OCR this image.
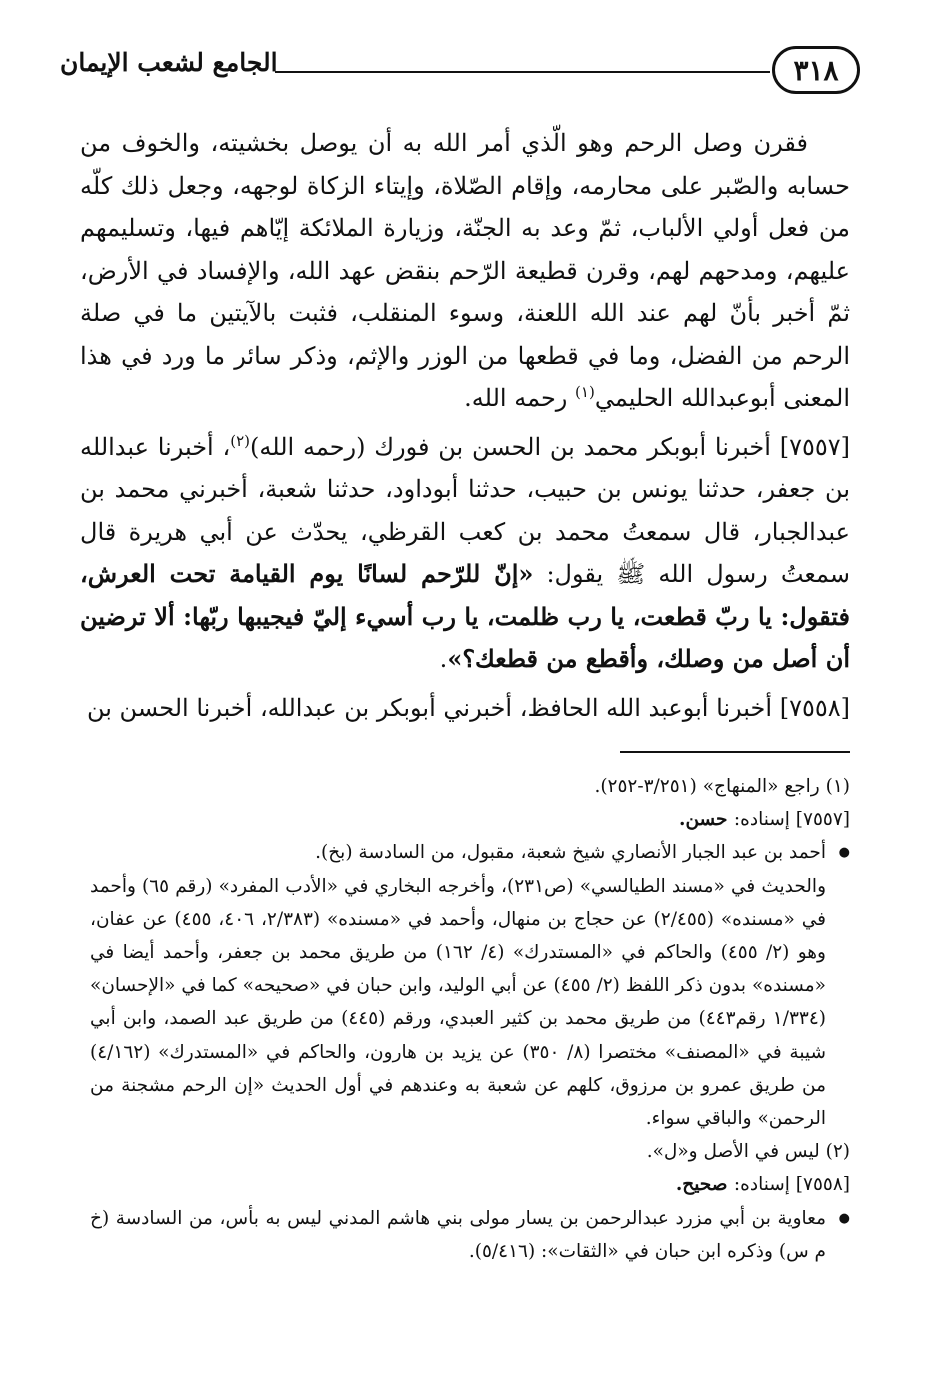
٣١٨
الجامع لشعب الإيمان

فقرن وصل الرحم وهو الّذي أمر الله به أن يوصل بخشيته، والخوف من حسابه والصّبر على محارمه، وإقام الصّلاة، وإيتاء الزكاة لوجهه، وجعل ذلك كلّه من فعل أولي الألباب، ثمّ وعد به الجنّة، وزيارة الملائكة إيّاهم فيها، وتسليمهم عليهم، ومدحهم لهم، وقرن قطيعة الرّحم بنقض عهد الله، والإفساد في الأرض، ثمّ أخبر بأنّ لهم عند الله اللعنة، وسوء المنقلب، فثبت بالآيتين ما في صلة الرحم من الفضل، وما في قطعها من الوزر والإثم، وذكر سائر ما ورد في هذا المعنى أبوعبدالله الحليمي$^{(١)}$ رحمه الله.

[٧٥٥٧] أخبرنا أبوبكر محمد بن الحسن بن فورك (رحمه الله)$^{(٢)}$، أخبرنا عبدالله بن جعفر، حدثنا يونس بن حبيب، حدثنا أبوداود، حدثنا شعبة، أخبرني محمد بن عبدالجبار، قال سمعتُ محمد بن كعب القرظي، يحدّث عن أبي هريرة قال سمعتُ رسول الله ﷺ يقول: «إنّ للرّحم لسانًا يوم القيامة تحت العرش، فتقول: يا ربّ قطعت، يا رب ظلمت، يا رب أسيء إليّ فيجيبها ربّها: ألا ترضين أن أصل من وصلك، وأقطع من قطعك؟».

[٧٥٥٨] أخبرنا أبوعبد الله الحافظ، أخبرني أبوبكر بن عبدالله، أخبرنا الحسن بن

(١) راجع «المنهاج» (٣/٢٥١-٢٥٢).

[٧٥٥٧] إسناده: حسن.

● أحمد بن عبد الجبار الأنصاري شيخ شعبة، مقبول، من السادسة (بخ).

والحديث في «مسند الطيالسي» (ص٢٣١)، وأخرجه البخاري في «الأدب المفرد» (رقم ٦٥) وأحمد في «مسنده» (٢/٤٥٥) عن حجاج بن منهال، وأحمد في «مسنده» (٢/٣٨٣، ٤٠٦، ٤٥٥) عن عفان، وهو (٢/ ٤٥٥) والحاكم في «المستدرك» (٤/ ١٦٢) من طريق محمد بن جعفر، وأحمد أيضا في «مسنده» بدون ذكر اللفظ (٢/ ٤٥٥) عن أبي الوليد، وابن حبان في «صحيحه» كما في «الإحسان» (١/٣٣٤ رقم٤٤٣) من طريق محمد بن كثير العبدي، ورقم (٤٤٥) من طريق عبد الصمد، وابن أبي شيبة في «المصنف» مختصرا (٨/ ٣٥٠) عن يزيد بن هارون، والحاكم في «المستدرك» (٤/١٦٢) من طريق عمرو بن مرزوق، كلهم عن شعبة به وعندهم في أول الحديث «إن الرحم مشجنة من الرحمن» والباقي سواء.

(٢) ليس في الأصل و«ل».

[٧٥٥٨] إسناده: صحيح.

● معاوية بن أبي مزرد عبدالرحمن بن يسار مولى بني هاشم المدني ليس به بأس، من السادسة (خ م س) وذكره ابن حبان في «الثقات»: (٥/٤١٦).
